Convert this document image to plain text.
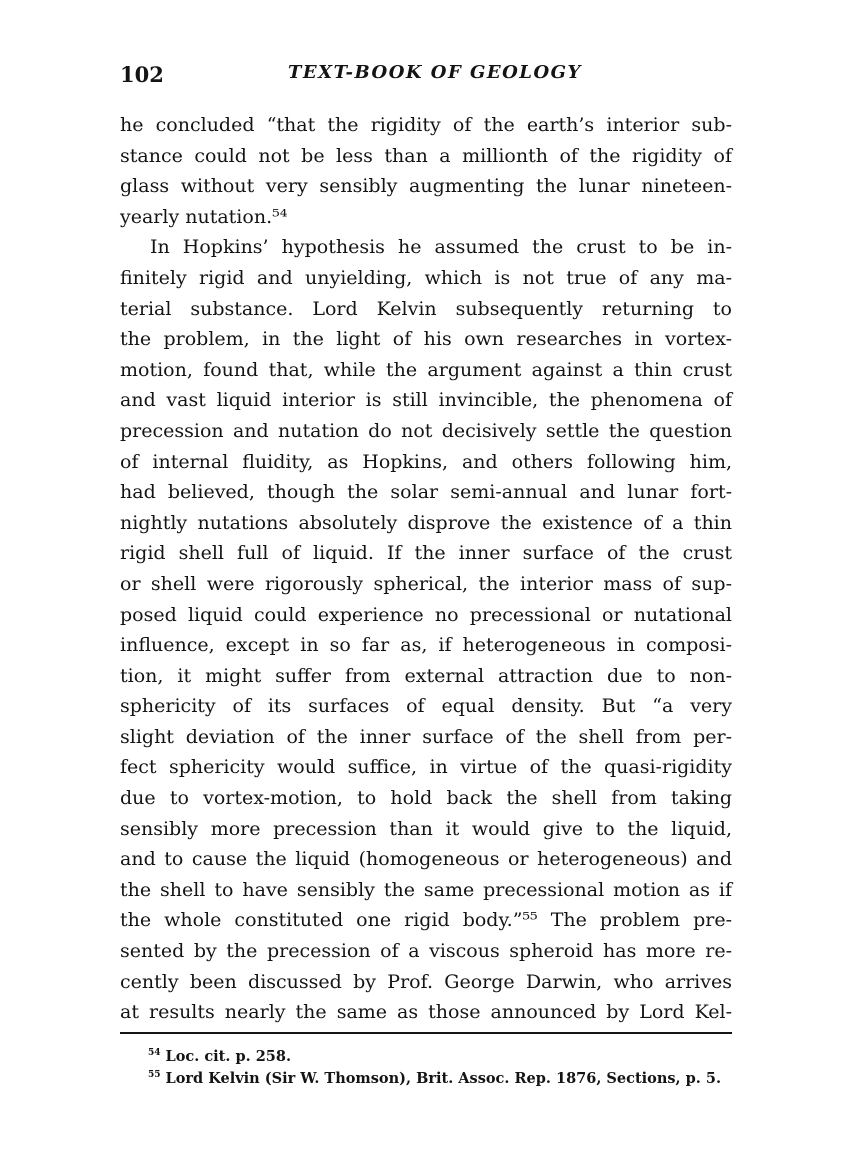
102	TEXT-BOOK OF GEOLOGY
he concluded “that the rigidity of the earth’s interior sub-
stance could not be less than a millionth of the rigidity of
glass without very sensibly augmenting the lunar nineteen-
yearly nutation.⁵⁴
In Hopkins’ hypothesis he assumed the crust to be in-
finitely rigid and unyielding, which is not true of any ma-
terial substance. Lord Kelvin subsequently returning to
the problem, in the light of his own researches in vortex-
motion, found that, while the argument against a thin crust
and vast liquid interior is still invincible, the phenomena of
precession and nutation do not decisively settle the question
of internal fluidity, as Hopkins, and others following him,
had believed, though the solar semi-annual and lunar fort-
nightly nutations absolutely disprove the existence of a thin
rigid shell full of liquid. If the inner surface of the crust
or shell were rigorously spherical, the interior mass of sup-
posed liquid could experience no precessional or nutational
influence, except in so far as, if heterogeneous in composi-
tion, it might suffer from external attraction due to non-
sphericity of its surfaces of equal density. But “a very
slight deviation of the inner surface of the shell from per-
fect sphericity would suffice, in virtue of the quasi-rigidity
due to vortex-motion, to hold back the shell from taking
sensibly more precession than it would give to the liquid,
and to cause the liquid (homogeneous or heterogeneous) and
the shell to have sensibly the same precessional motion as if
the whole constituted one rigid body.”⁵⁵ The problem pre-
sented by the precession of a viscous spheroid has more re-
cently been discussed by Prof. George Darwin, who arrives
at results nearly the same as those announced by Lord Kel-
$^{54}$ Loc. cit. p. 258.
$^{55}$ Lord Kelvin (Sir W. Thomson), Brit. Assoc. Rep. 1876, Sections, p. 5.
